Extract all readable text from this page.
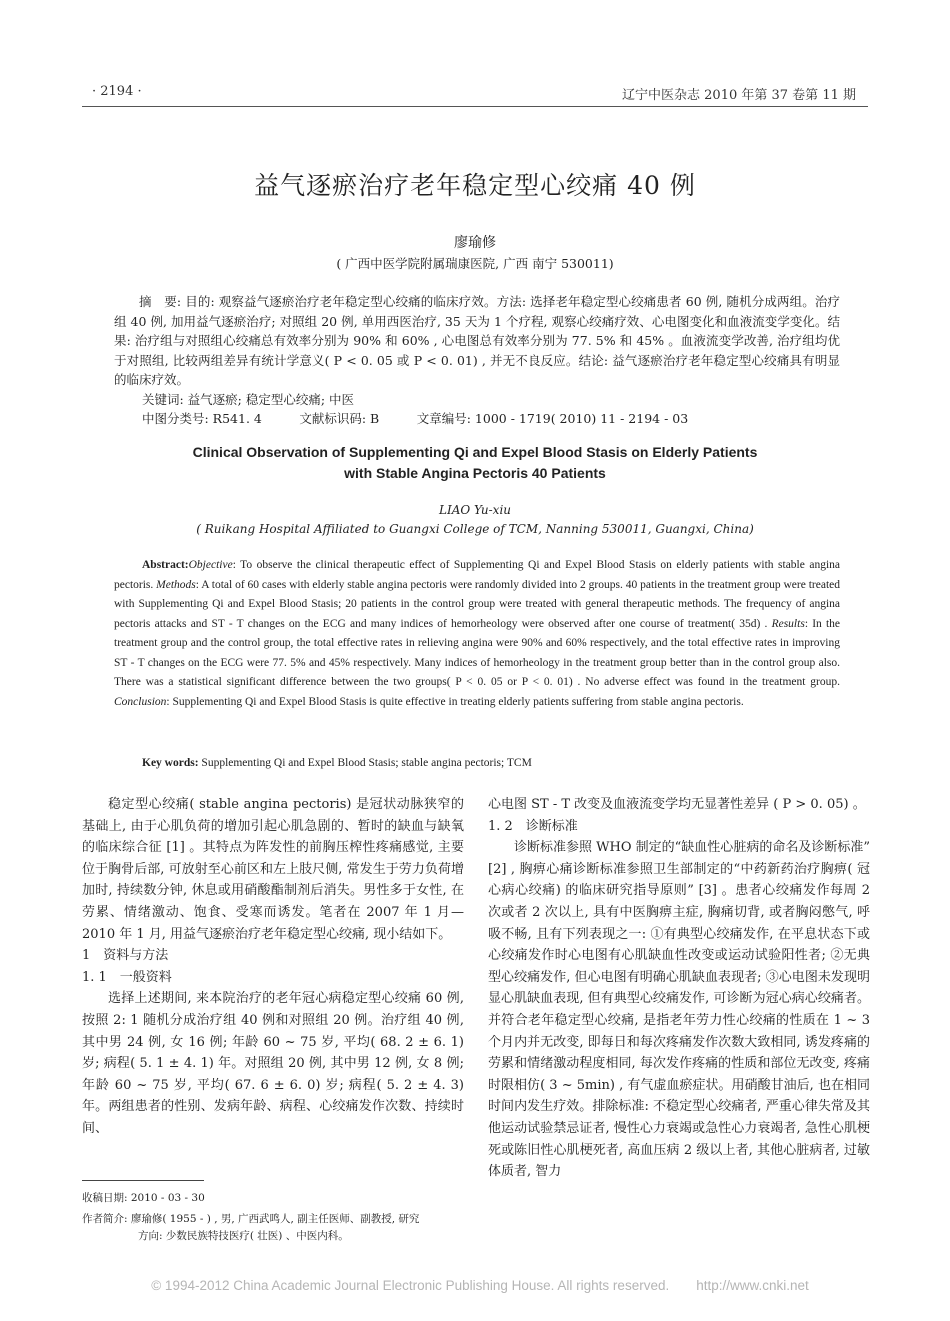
· 2194 ·	辽宁中医杂志 2010 年第 37 卷第 11 期
益气逐瘀治疗老年稳定型心绞痛 40 例
廖瑜修
( 广西中医学院附属瑞康医院, 广西 南宁 530011)

摘　要: 目的: 观察益气逐瘀治疗老年稳定型心绞痛的临床疗效。方法: 选择老年稳定型心绞痛患者 60 例, 随机分成两组。治疗组 40 例, 加用益气逐瘀治疗; 对照组 20 例, 单用西医治疗, 35 天为 1 个疗程, 观察心绞痛疗效、心电图变化和血液流变学变化。结果: 治疗组与对照组心绞痛总有效率分别为 90% 和 60% , 心电图总有效率分别为 77. 5% 和 45% 。血液流变学改善, 治疗组均优于对照组, 比较两组差异有统计学意义( P < 0. 05 或 P < 0. 01) , 并无不良反应。结论: 益气逐瘀治疗老年稳定型心绞痛具有明显的临床疗效。

关键词: 益气逐瘀; 稳定型心绞痛; 中医

中图分类号: R541. 4　　　文献标识码: B　　　文章编号: 1000 - 1719( 2010) 11 - 2194 - 03

Clinical Observation of Supplementing Qi and Expel Blood Stasis on Elderly Patients
with Stable Angina Pectoris 40 Patients
LIAO Yu-xiu
( Ruikang Hospital Affiliated to Guangxi College of TCM, Nanning 530011, Guangxi, China)
Abstract:Objective: To observe the clinical therapeutic effect of Supplementing Qi and Expel Blood Stasis on elderly patients with stable angina pectoris. Methods: A total of 60 cases with elderly stable angina pectoris were randomly divided into 2 groups. 40 patients in the treatment group were treated with Supplementing Qi and Expel Blood Stasis; 20 patients in the control group were treated with general therapeutic methods. The frequency of angina pectoris attacks and ST - T changes on the ECG and many indices of hemorheology were observed after one course of treatment( 35d) . Results: In the treatment group and the control group, the total effective rates in relieving angina were 90% and 60% respectively, and the total effective rates in improving ST - T changes on the ECG were 77. 5% and 45% respectively. Many indices of hemorheology in the treatment group better than in the control group also. There was a statistical significant difference between the two groups( P < 0. 05 or P < 0. 01) . No adverse effect was found in the treatment group. Conclusion: Supplementing Qi and Expel Blood Stasis is quite effective in treating elderly patients suffering from stable angina pectoris.
Key words: Supplementing Qi and Expel Blood Stasis; stable angina pectoris; TCM

稳定型心绞痛( stable angina pectoris) 是冠状动脉狭窄的基础上, 由于心肌负荷的增加引起心肌急剧的、暂时的缺血与缺氧的临床综合征 [1] 。其特点为阵发性的前胸压榨性疼痛感觉, 主要位于胸骨后部, 可放射至心前区和左上肢尺侧, 常发生于劳力负荷增加时, 持续数分钟, 休息或用硝酸酯制剂后消失。男性多于女性, 在劳累、情绪激动、饱食、受寒而诱发。笔者在 2007 年 1 月—2010 年 1 月, 用益气逐瘀治疗老年稳定型心绞痛, 现小结如下。

1　资料与方法

1. 1　一般资料

选择上述期间, 来本院治疗的老年冠心病稳定型心绞痛 60 例, 按照 2: 1 随机分成治疗组 40 例和对照组 20 例。治疗组 40 例, 其中男 24 例, 女 16 例; 年龄 60 ~ 75 岁, 平均( 68. 2 ± 6. 1) 岁; 病程( 5. 1 ± 4. 1) 年。对照组 20 例, 其中男 12 例, 女 8 例; 年龄 60 ~ 75 岁, 平均( 67. 6 ± 6. 0) 岁; 病程( 5. 2 ± 4. 3) 年。两组患者的性别、发病年龄、病程、心绞痛发作次数、持续时间、

心电图 ST - T 改变及血液流变学均无显著性差异 ( P > 0. 05) 。

1. 2　诊断标准

诊断标准参照 WHO 制定的“缺血性心脏病的命名及诊断标准” [2] , 胸痹心痛诊断标准参照卫生部制定的“中药新药治疗胸痹( 冠心病心绞痛) 的临床研究指导原则” [3] 。患者心绞痛发作每周 2 次或者 2 次以上, 具有中医胸痹主症, 胸痛切背, 或者胸闷憋气, 呼吸不畅, 且有下列表现之一: ①有典型心绞痛发作, 在平息状态下或心绞痛发作时心电图有心肌缺血性改变或运动试验阳性者; ②无典型心绞痛发作, 但心电图有明确心肌缺血表现者; ③心电图未发现明显心肌缺血表现, 但有典型心绞痛发作, 可诊断为冠心病心绞痛者。并符合老年稳定型心绞痛, 是指老年劳力性心绞痛的性质在 1 ~ 3 个月内并无改变, 即每日和每次疼痛发作次数大致相同, 诱发疼痛的劳累和情绪激动程度相同, 每次发作疼痛的性质和部位无改变, 疼痛时限相仿( 3 ~ 5min) , 有气虚血瘀症状。用硝酸甘油后, 也在相同时间内发生疗效。排除标准: 不稳定型心绞痛者, 严重心律失常及其他运动试验禁忌证者, 慢性心力衰竭或急性心力衰竭者, 急性心肌梗死或陈旧性心肌梗死者, 高血压病 2 级以上者, 其他心脏病者, 过敏体质者, 智力

收稿日期: 2010 - 03 - 30
作者简介: 廖瑜修( 1955 - ) , 男, 广西武鸣人, 副主任医师、副教授, 研究
方向: 少数民族特技医疗( 壮医) 、中医内科。
© 1994-2012 China Academic Journal Electronic Publishing House. All rights reserved.　　http://www.cnki.net
